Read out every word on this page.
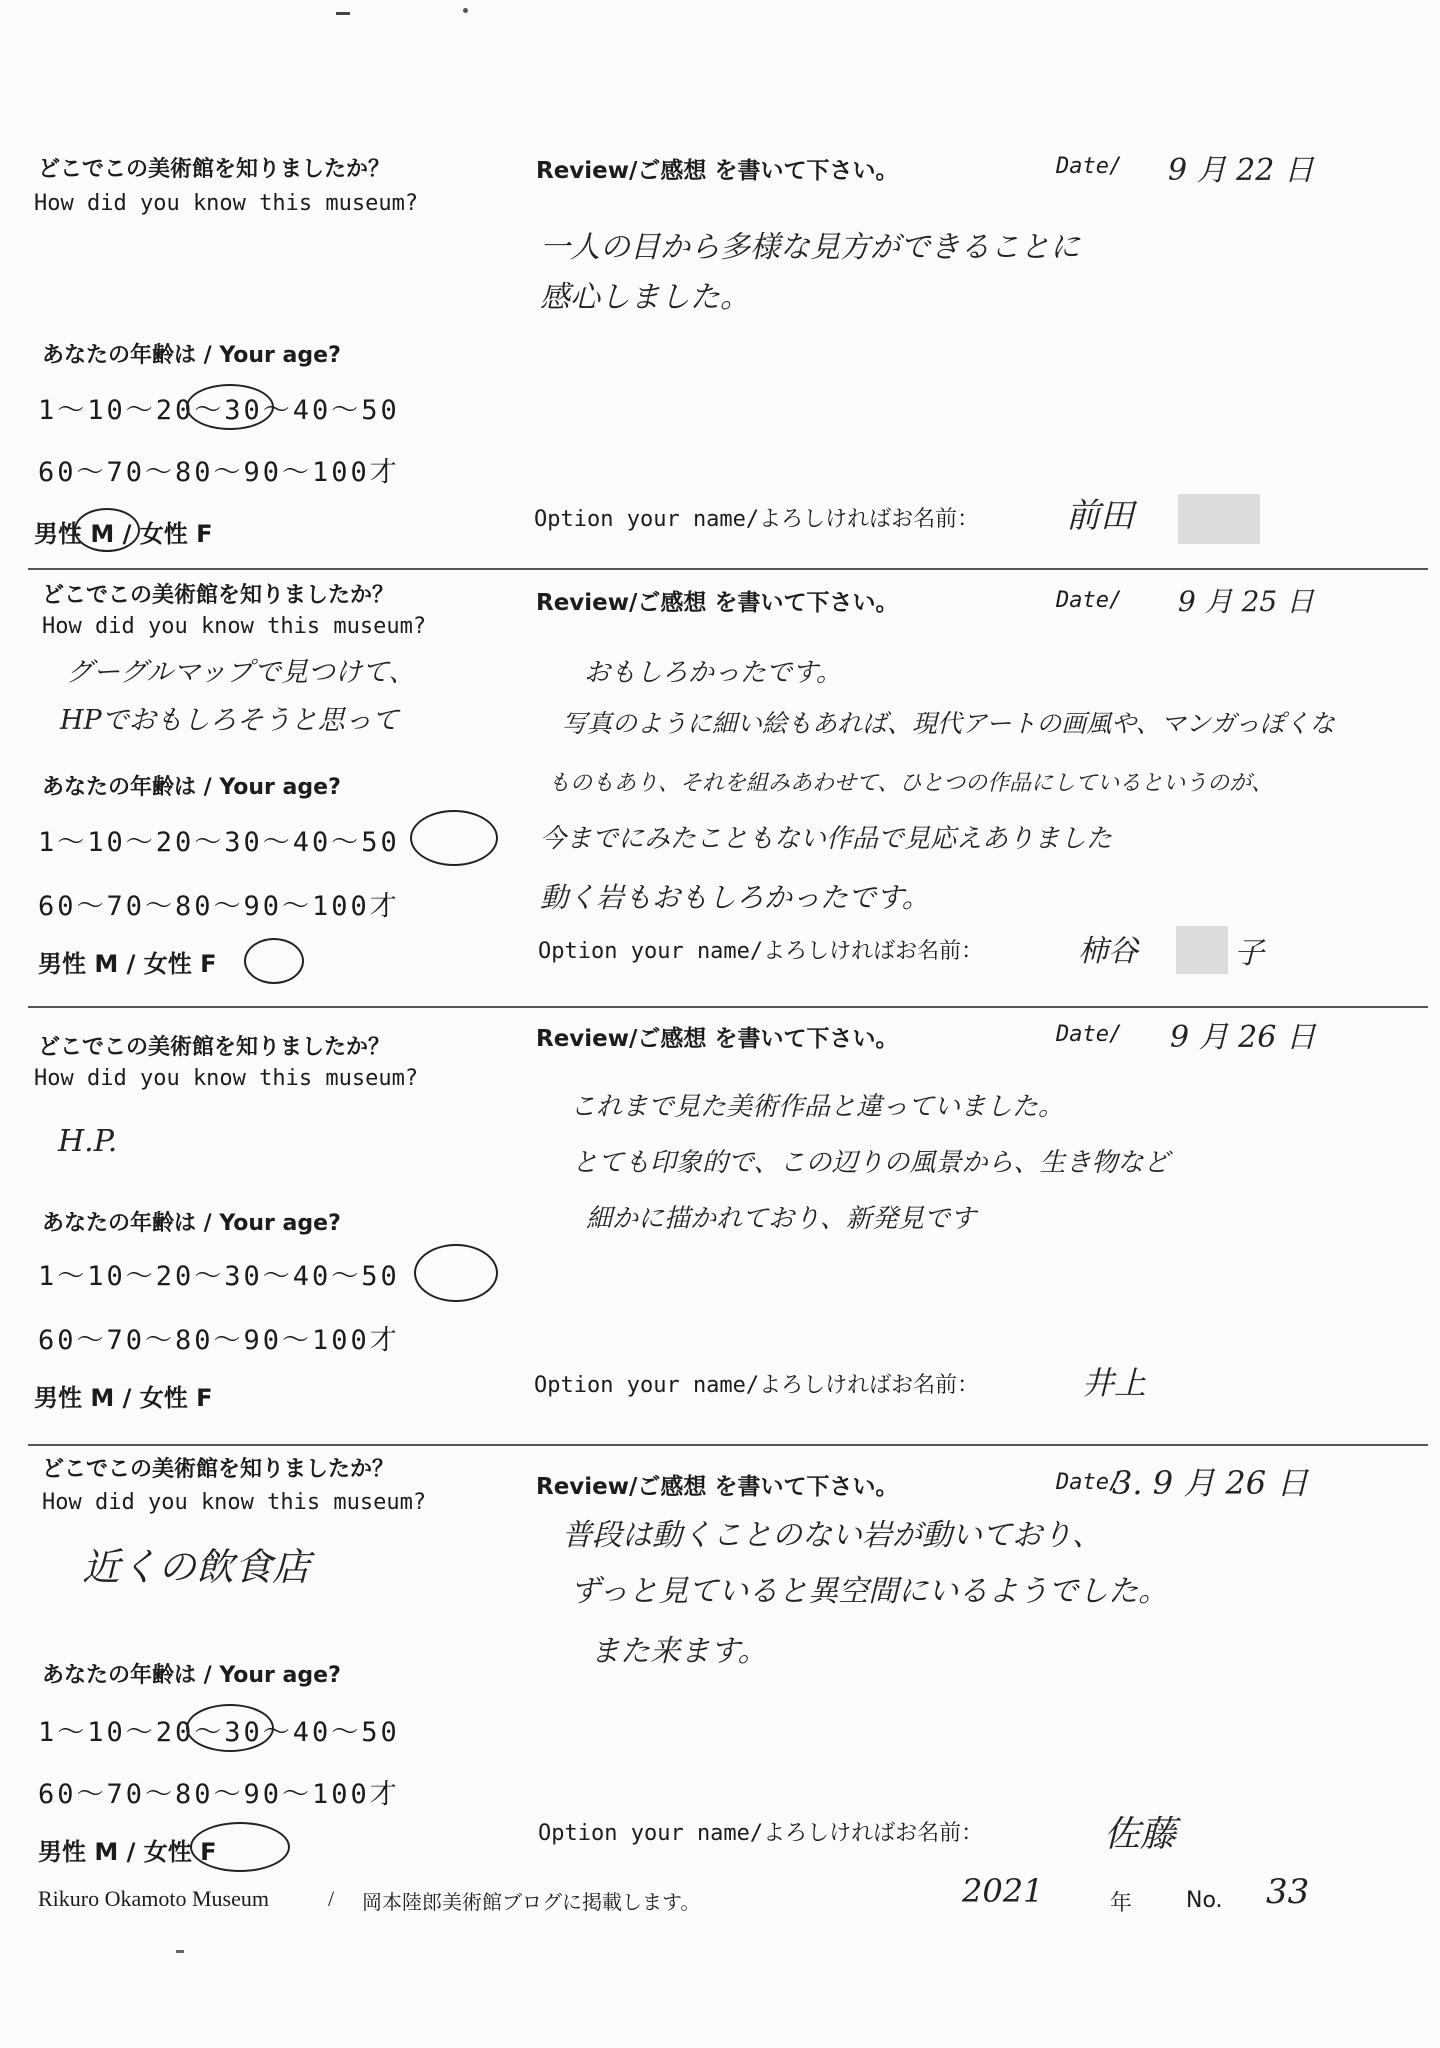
どこでこの美術館を知りましたか？
How did you know this museum?
Review/ご感想 を書いて下さい。	Date/ 9 月 22 日
一人の目から多様な見方ができることに
感心しました。
あなたの年齢は / Your age?
1～10～20～30～40～50
60～70～80～90～100才
男性 M / 女性 F
Option your name/よろしければお名前：	前田
どこでこの美術館を知りましたか？
How did you know this museum?
グーグルマップで見つけて、
HPでおもしろそうと思って
Review/ご感想 を書いて下さい。	Date/ 9 月 25 日
おもしろかったです。
写真のように細い絵もあれば、現代アートの画風や、マンガっぽくな
ものもあり、それを組みあわせて、ひとつの作品にしているというのが、
今までにみたこともない作品で見応えありました
動く岩もおもしろかったです。
あなたの年齢は / Your age?
1～10～20～30～40～50
60～70～80～90～100才
男性 M / 女性 F	Option your name/よろしければお名前：	柿谷	子
どこでこの美術館を知りましたか？
How did you know this museum?
H.P.
Review/ご感想 を書いて下さい。	Date/ 9 月 26 日
これまで見た美術作品と違っていました。
とても印象的で、この辺りの風景から、生き物など
細かに描かれており、新発見です
あなたの年齢は / Your age?
1～10～20～30～40～50
60～70～80～90～100才
男性 M / 女性 F	Option your name/よろしければお名前：	井上
どこでこの美術館を知りましたか？
How did you know this museum?
近くの飲食店
Review/ご感想 を書いて下さい。	Date/
3. 9 月 26 日
普段は動くことのない岩が動いており、
ずっと見ていると異空間にいるようでした。
また来ます。
あなたの年齢は / Your age?
1～10～20～30～40～50
60～70～80～90～100才
男性 M / 女性 F
Option your name/よろしければお名前：	佐藤
Rikuro Okamoto Museum	/ 岡本陸郎美術館ブログに掲載します。	2021	年 No. 33
